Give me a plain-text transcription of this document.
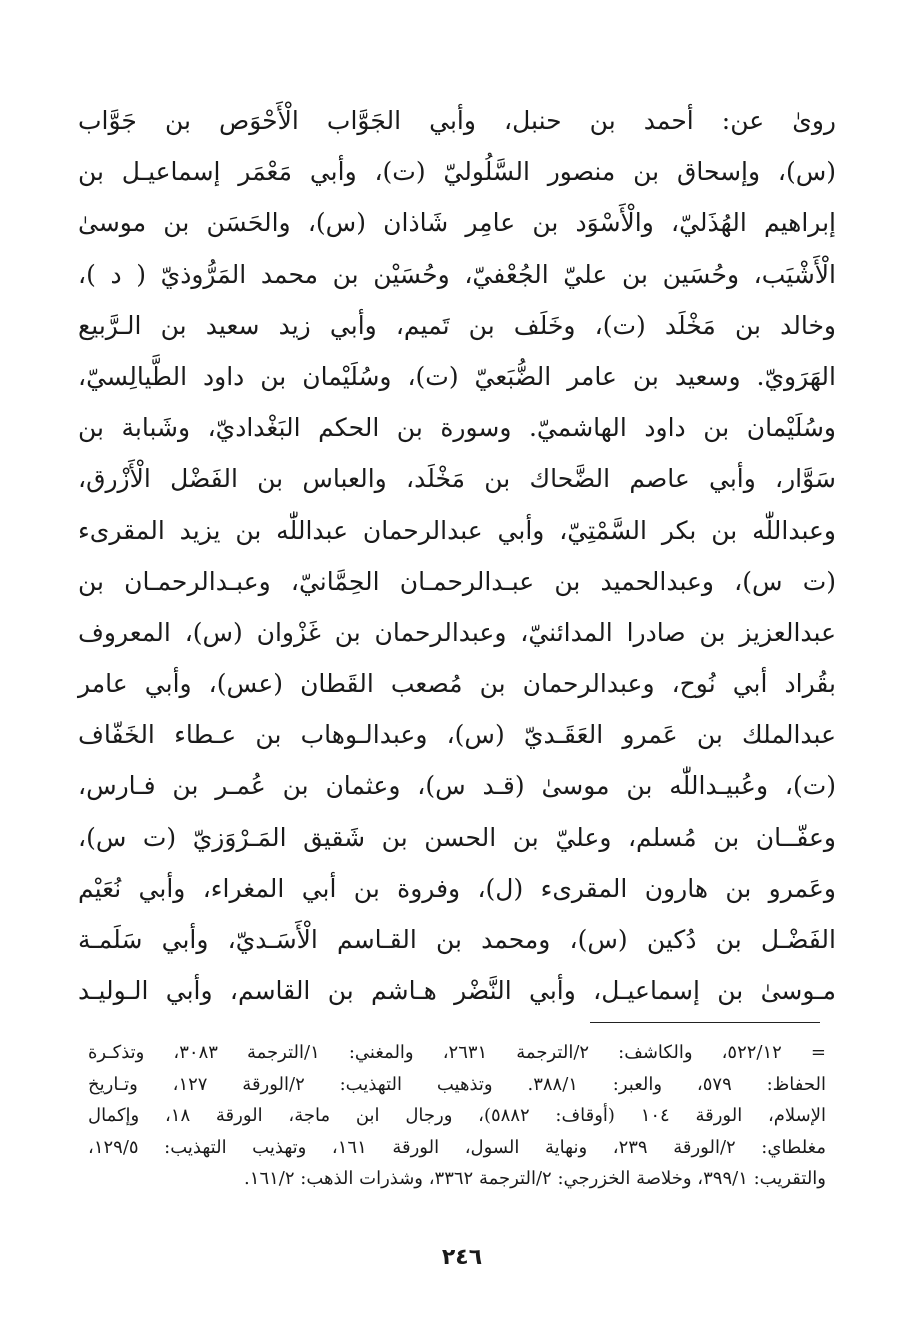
روىٰ عن: أحمد بن حنبل، وأبي الجَوَّاب الْأَحْوَص بن جَوَّاب
(س)، وإسحاق بن منصور السَّلُوليّ (ت)، وأبي مَعْمَر إسماعيـل بن
إبراهيم الهُذَليّ، والْأَسْوَد بن عامِر شَاذان (س)، والحَسَن بن موسىٰ
الْأَشْيَب، وحُسَين بن عليّ الجُعْفيّ، وحُسَيْن بن محمد المَرُّوذيّ ( د )،
وخالد بن مَخْلَد (ت)، وخَلَف بن تَميم، وأبي زيد سعيد بن الـرَّبيع
الهَرَويّ. وسعيد بن عامر الضُّبَعيّ (ت)، وسُلَيْمان بن داود الطَّيالِسيّ،
وسُلَيْمان بن داود الهاشميّ. وسورة بن الحكم البَغْداديّ، وشَبابة بن
سَوَّار، وأبي عاصم الضَّحاك بن مَخْلَد، والعباس بن الفَضْل الْأَزْرق،
وعبداللّٰه بن بكر السَّمْتِيّ، وأبي عبدالرحمان عبداللّٰه بن يزيد المقرىء
(ت س)، وعبدالحميد بن عبـدالرحمـان الحِمَّانيّ، وعبـدالرحمـان بن
عبدالعزيز بن صادرا المدائنيّ، وعبدالرحمان بن غَزْوان (س)، المعروف
بقُراد أبي نُوح، وعبدالرحمان بن مُصعب القَطان (عس)، وأبي عامر
عبدالملك بن عَمرو العَقَـديّ (س)، وعبدالـوهاب بن عـطاء الخَفّاف
(ت)، وعُبيـداللّٰه بن موسىٰ (قـد س)، وعثمان بن عُمـر بن فـارس،
وعفّــان بن مُسلم، وعليّ بن الحسن بن شَقيق المَـرْوَزيّ (ت س)،
وعَمرو بن هارون المقرىء (ل)، وفروة بن أبي المغراء، وأبي نُعَيْم
الفَضْـل بن دُكين (س)، ومحمد بن القـاسم الْأَسَـديّ، وأبي سَلَمـة
مـوسىٰ بن إسماعيـل، وأبي النَّضْر هـاشم بن القاسم، وأبي الـوليـد
= ٥٢٢/١٢، والكاشف: ٢/الترجمة ٢٦٣١، والمغني: ١/الترجمة ٣٠٨٣، وتذكـرة
الحفاظ: ٥٧٩، والعبر: ٣٨٨/١. وتذهيب التهذيب: ٢/الورقة ١٢٧، وتـاريخ
الإسلام، الورقة ١٠٤ (أوقاف: ٥٨٨٢)، ورجال ابن ماجة، الورقة ١٨، وإكمال
مغلطاي: ٢/الورقة ٢٣٩، ونهاية السول، الورقة ١٦١، وتهذيب التهذيب: ١٢٩/٥،
والتقريب: ٣٩٩/١، وخلاصة الخزرجي: ٢/الترجمة ٣٣٦٢، وشذرات الذهب: ١٦١/٢.
٢٤٦
